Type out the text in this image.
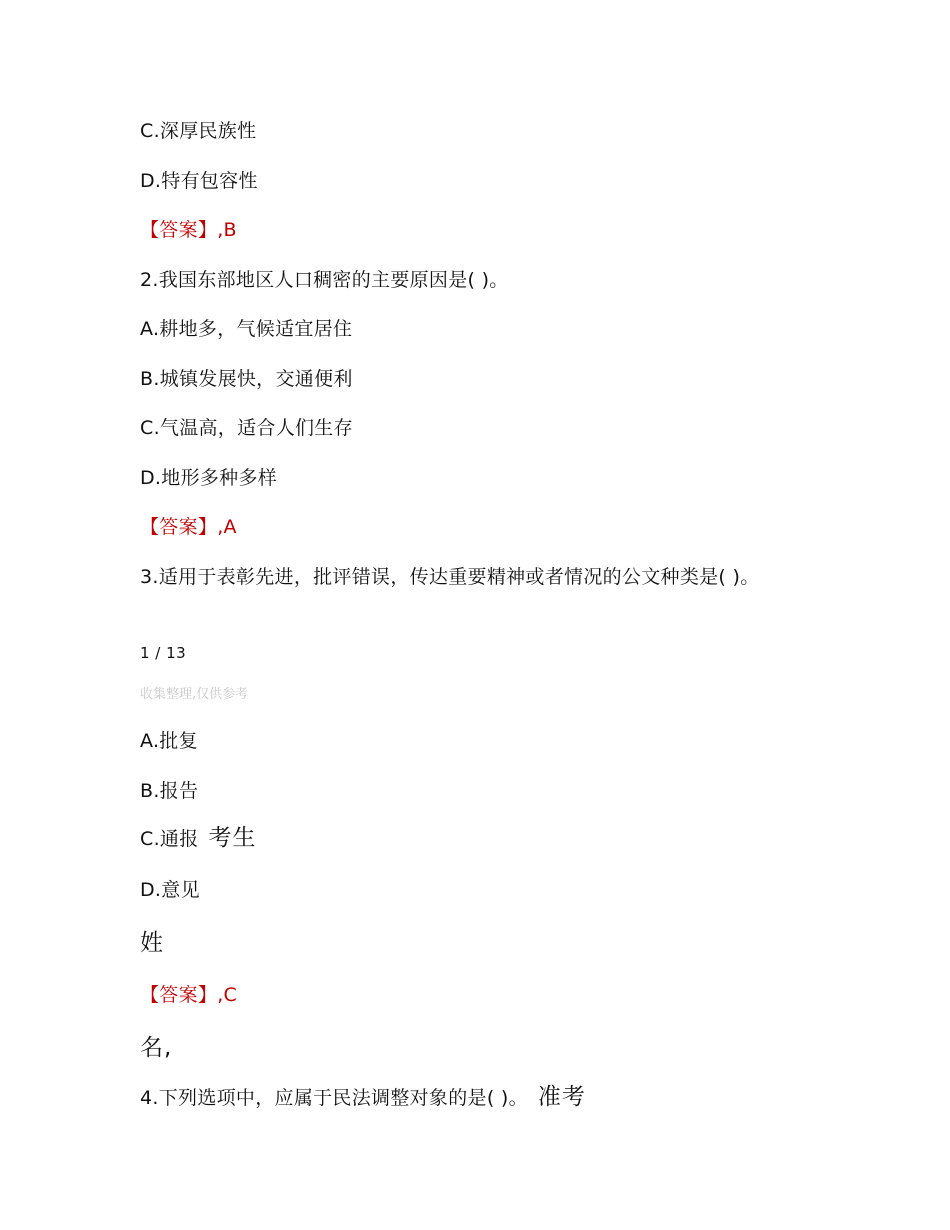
C.深厚民族性
D.特有包容性
【答案】,B
2.我国东部地区人口稠密的主要原因是( )。
A.耕地多，气候适宜居住
B.城镇发展快，交通便利
C.气温高，适合人们生存
D.地形多种多样
【答案】,A
3.适用于表彰先进，批评错误，传达重要精神或者情况的公文种类是( )。
1 / 13
收集整理,仅供参考
A.批复
B.报告
C.通报 考生
D.意见
姓
【答案】,C
名,
4.下列选项中，应属于民法调整对象的是( )。 准考
